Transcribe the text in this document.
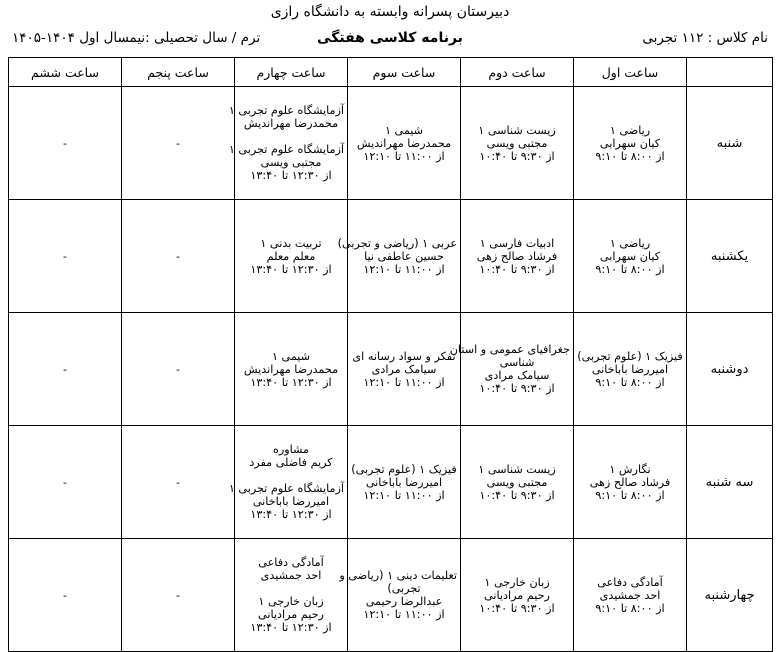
دبیرستان پسرانه وابسته به دانشگاه رازی
نام کلاس : ۱۱۲ تجربی
برنامه کلاسی هفتگی
ترم / سال تحصیلی :نیمسال اول ۱۴۰۴-۱۴۰۵
	ساعت اول	ساعت دوم	ساعت سوم	ساعت چهارم	ساعت پنجم	ساعت ششم
شنبه	ریاضی ۱
کیان سهرابی
از ۸:۰۰ تا ۹:۱۰	زیست شناسی ۱
مجتبی ویسی
از ۹:۳۰ تا ۱۰:۴۰	شیمی ۱
محمدرضا مهراندیش
از ۱۱:۰۰ تا ۱۲:۱۰	آزمایشگاه علوم تجربی ۱
محمدرضا مهراندیش
آزمایشگاه علوم تجربی ۱
مجتبی ویسی
از ۱۲:۳۰ تا ۱۳:۴۰	-	-

یکشنبه	ریاضی ۱
کیان سهرابی
از ۸:۰۰ تا ۹:۱۰	ادبیات فارسی ۱
فرشاد صالح زهی
از ۹:۳۰ تا ۱۰:۴۰	عربی ۱ (ریاضی و تجربی)
حسین عاطفی نیا
از ۱۱:۰۰ تا ۱۲:۱۰	تربیت بدنی ۱
معلم معلم
از ۱۲:۳۰ تا ۱۳:۴۰	-	-

دوشنبه	فیزیک ۱ (علوم تجربی)
امیررضا باباخانی
از ۸:۰۰ تا ۹:۱۰	جغرافیای عمومی و استان
شناسی
سیامک مرادی
از ۹:۳۰ تا ۱۰:۴۰	تفکر و سواد رسانه ای
سیامک مرادی
از ۱۱:۰۰ تا ۱۲:۱۰	شیمی ۱
محمدرضا مهراندیش
از ۱۲:۳۰ تا ۱۳:۴۰	-	-

سه شنبه	نگارش ۱
فرشاد صالح زهی
از ۸:۰۰ تا ۹:۱۰	زیست شناسی ۱
مجتبی ویسی
از ۹:۳۰ تا ۱۰:۴۰	فیزیک ۱ (علوم تجربی)
امیررضا باباخانی
از ۱۱:۰۰ تا ۱۲:۱۰	مشاوره
کریم فاضلی مفرد
آزمایشگاه علوم تجربی ۱
امیررضا باباخانی
از ۱۲:۳۰ تا ۱۳:۴۰	-	-

چهارشنبه	آمادگی دفاعی
احد جمشیدی
از ۸:۰۰ تا ۹:۱۰	زبان خارجی ۱
رحیم مرادیانی
از ۹:۳۰ تا ۱۰:۴۰	تعلیمات دینی ۱ (ریاضی و
تجربی)
عبدالرضا رحیمی
از ۱۱:۰۰ تا ۱۲:۱۰	آمادگی دفاعی
احد جمشیدی
زبان خارجی ۱
رحیم مرادیانی
از ۱۲:۳۰ تا ۱۳:۴۰	-	-
